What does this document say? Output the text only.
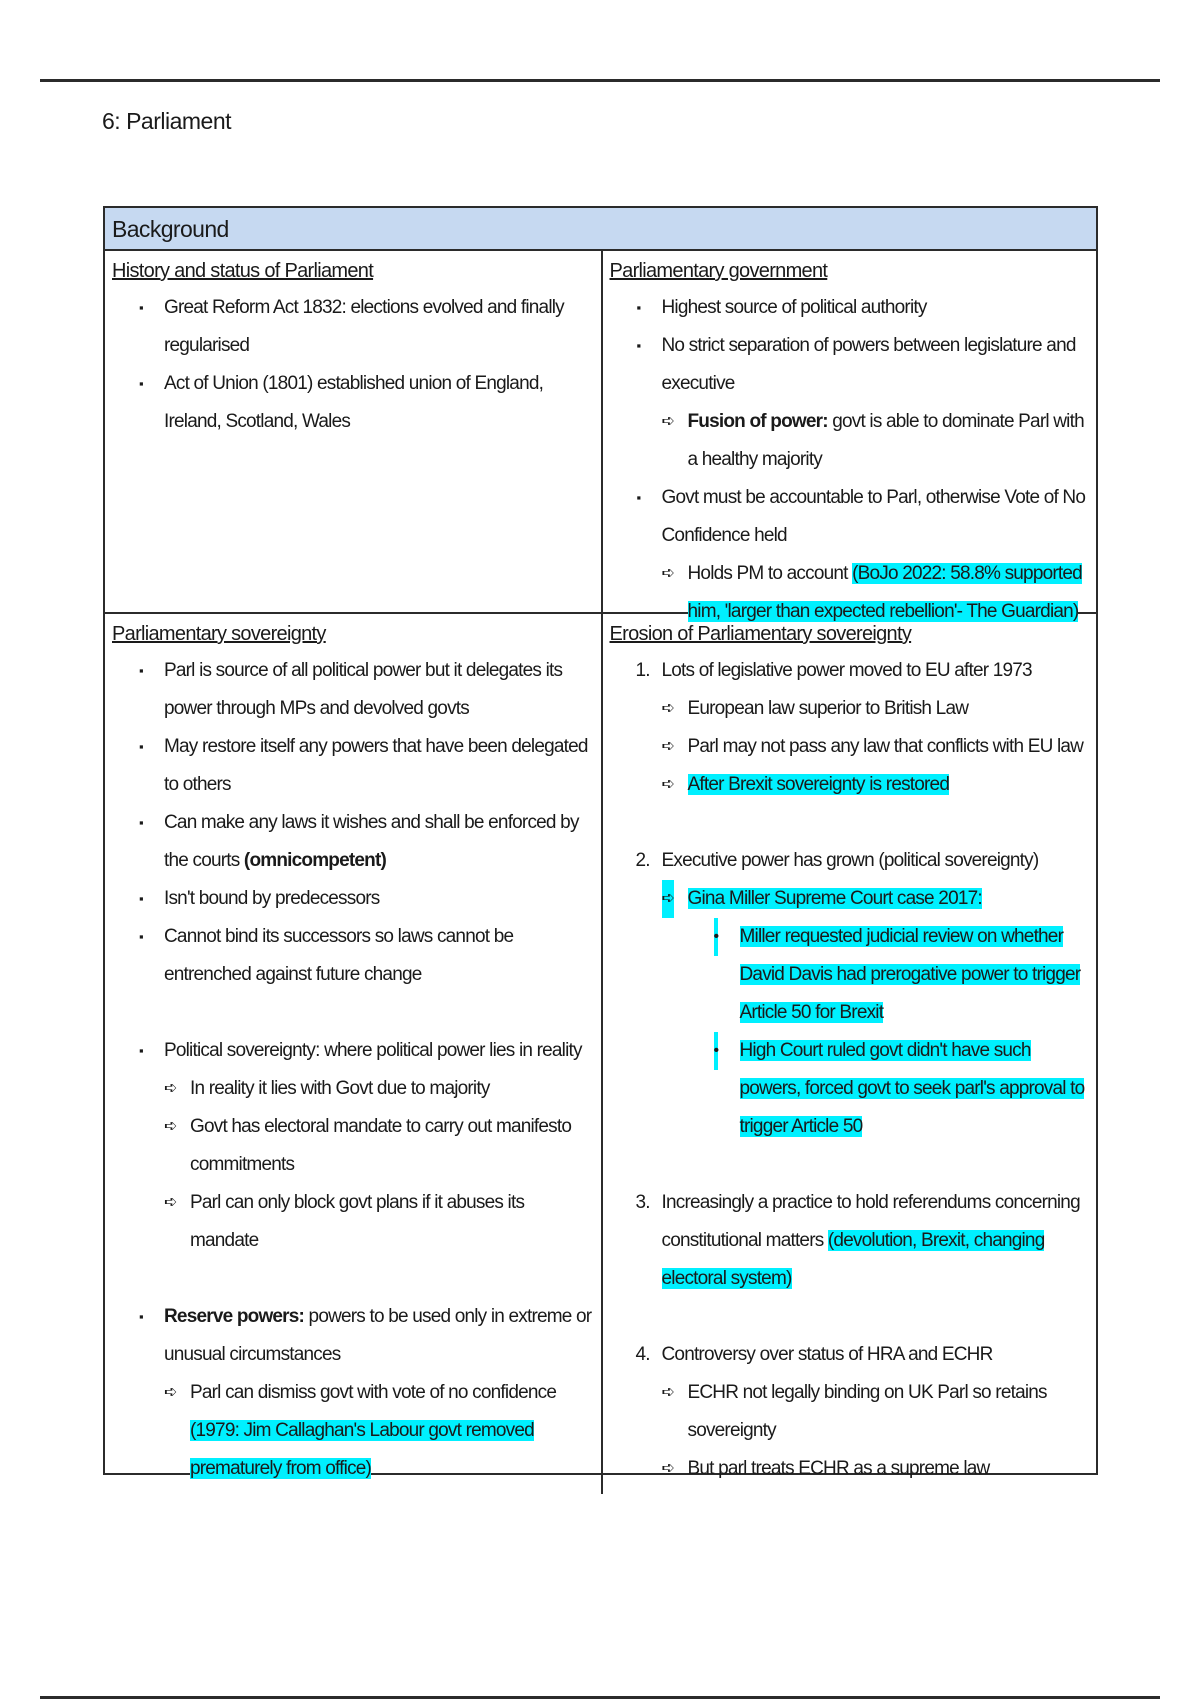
6: Parliament
Background
History and status of Parliament
▪ Great Reform Act 1832: elections evolved and finally regularised
▪ Act of Union (1801) established union of England, Ireland, Scotland, Wales
Parliamentary government
▪ Highest source of political authority
▪ No strict separation of powers between legislature and executive
➪ Fusion of power: govt is able to dominate Parl with a healthy majority
▪ Govt must be accountable to Parl, otherwise Vote of No Confidence held
➪ Holds PM to account (BoJo 2022: 58.8% supported him, 'larger than expected rebellion'- The Guardian)
Parliamentary sovereignty
▪ Parl is source of all political power but it delegates its power through MPs and devolved govts
▪ May restore itself any powers that have been delegated to others
▪ Can make any laws it wishes and shall be enforced by the courts (omnicompetent)
▪ Isn't bound by predecessors
▪ Cannot bind its successors so laws cannot be entrenched against future change
▪ Political sovereignty: where political power lies in reality
➪ In reality it lies with Govt due to majority
➪ Govt has electoral mandate to carry out manifesto commitments
➪ Parl can only block govt plans if it abuses its mandate
▪ Reserve powers: powers to be used only in extreme or unusual circumstances
➪ Parl can dismiss govt with vote of no confidence (1979: Jim Callaghan's Labour govt removed prematurely from office)
Erosion of Parliamentary sovereignty
1. Lots of legislative power moved to EU after 1973
➪ European law superior to British Law
➪ Parl may not pass any law that conflicts with EU law
➪ After Brexit sovereignty is restored
2. Executive power has grown (political sovereignty)
➪ Gina Miller Supreme Court case 2017:
• Miller requested judicial review on whether David Davis had prerogative power to trigger Article 50 for Brexit
• High Court ruled govt didn't have such powers, forced govt to seek parl's approval to trigger Article 50
3. Increasingly a practice to hold referendums concerning constitutional matters (devolution, Brexit, changing electoral system)
4. Controversy over status of HRA and ECHR
➪ ECHR not legally binding on UK Parl so retains sovereignty
➪ But parl treats ECHR as a supreme law
